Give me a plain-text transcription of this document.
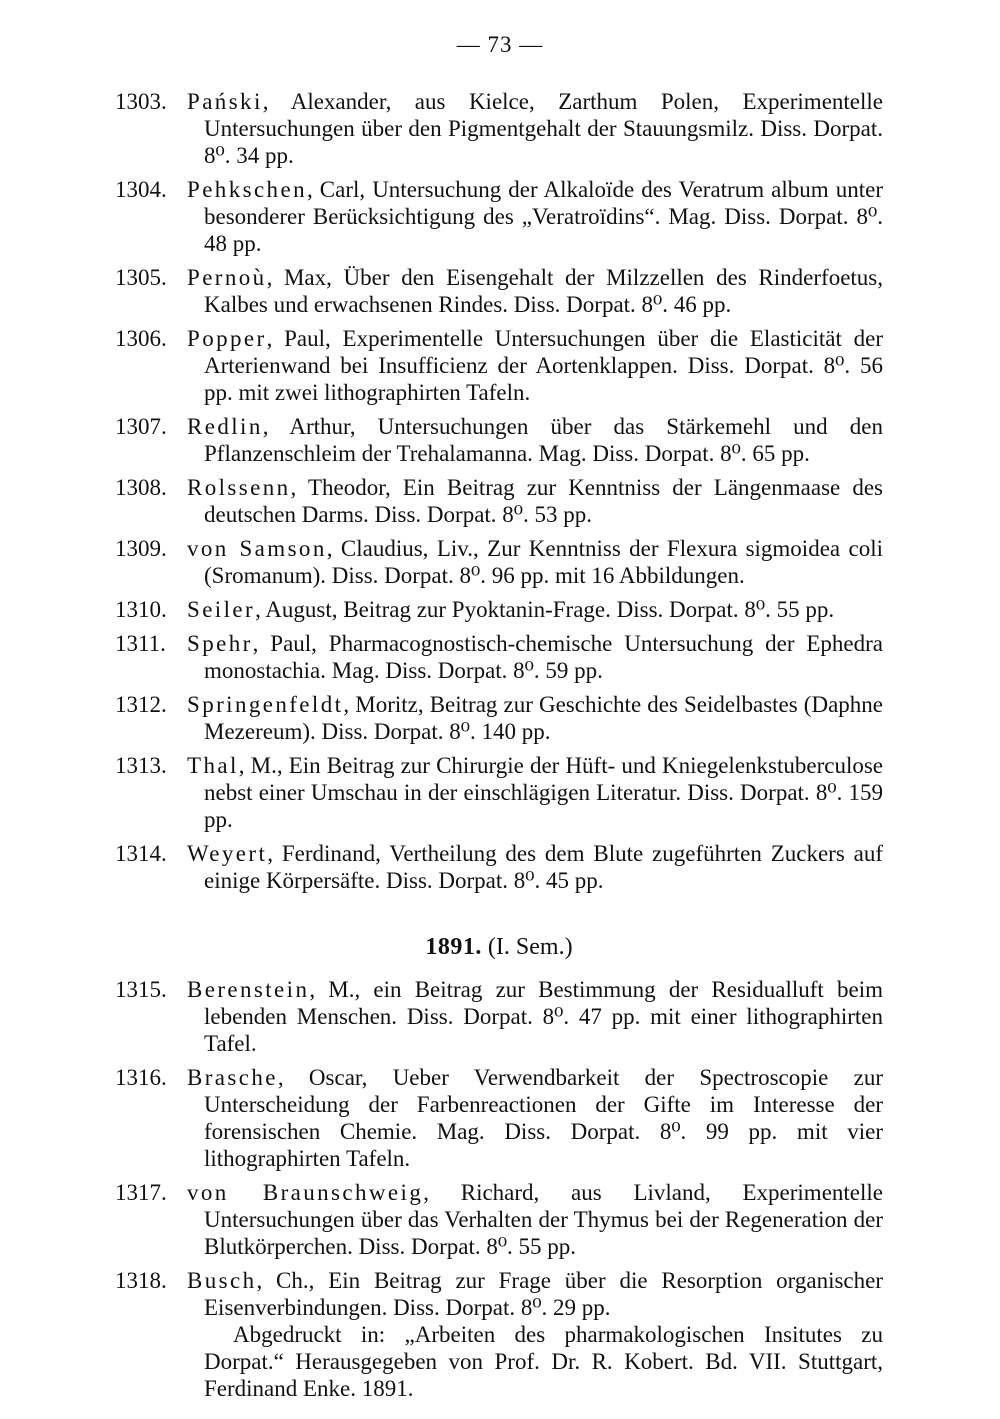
— 73 —
1303. Pański, Alexander, aus Kielce, Zarthum Polen, Experimentelle Untersuchungen über den Pigmentgehalt der Stauungsmilz. Diss. Dorpat. 8⁰. 34 pp.
1304. Pehkschen, Carl, Untersuchung der Alkaloïde des Veratrum album unter besonderer Berücksichtigung des „Veratroïdins“. Mag. Diss. Dorpat. 8⁰. 48 pp.
1305. Pernoù, Max, Über den Eisengehalt der Milzzellen des Rinderfoetus, Kalbes und erwachsenen Rindes. Diss. Dorpat. 8⁰. 46 pp.
1306. Popper, Paul, Experimentelle Untersuchungen über die Elasticität der Arterienwand bei Insufficienz der Aortenklappen. Diss. Dorpat. 8⁰. 56 pp. mit zwei lithographirten Tafeln.
1307. Redlin, Arthur, Untersuchungen über das Stärkemehl und den Pflanzenschleim der Trehalamanna. Mag. Diss. Dorpat. 8⁰. 65 pp.
1308. Rolssenn, Theodor, Ein Beitrag zur Kenntniss der Längenmaase des deutschen Darms. Diss. Dorpat. 8⁰. 53 pp.
1309. von Samson, Claudius, Liv., Zur Kenntniss der Flexura sigmoidea coli (Sromanum). Diss. Dorpat. 8⁰. 96 pp. mit 16 Abbildungen.
1310. Seiler, August, Beitrag zur Pyoktanin-Frage. Diss. Dorpat. 8⁰. 55 pp.
1311. Spehr, Paul, Pharmacognostisch-chemische Untersuchung der Ephedra monostachia. Mag. Diss. Dorpat. 8⁰. 59 pp.
1312. Springenfeldt, Moritz, Beitrag zur Geschichte des Seidelbastes (Daphne Mezereum). Diss. Dorpat. 8⁰. 140 pp.
1313. Thal, M., Ein Beitrag zur Chirurgie der Hüft- und Kniegelenkstuberculose nebst einer Umschau in der einschlägigen Literatur. Diss. Dorpat. 8⁰. 159 pp.
1314. Weyert, Ferdinand, Vertheilung des dem Blute zugeführten Zuckers auf einige Körpersäfte. Diss. Dorpat. 8⁰. 45 pp.
1891. (I. Sem.)
1315. Berenstein, M., ein Beitrag zur Bestimmung der Residualluft beim lebenden Menschen. Diss. Dorpat. 8⁰. 47 pp. mit einer lithographirten Tafel.
1316. Brasche, Oscar, Ueber Verwendbarkeit der Spectroscopie zur Unterscheidung der Farbenreactionen der Gifte im Interesse der forensischen Chemie. Mag. Diss. Dorpat. 8⁰. 99 pp. mit vier lithographirten Tafeln.
1317. von Braunschweig, Richard, aus Livland, Experimentelle Untersuchungen über das Verhalten der Thymus bei der Regeneration der Blutkörperchen. Diss. Dorpat. 8⁰. 55 pp.
1318. Busch, Ch., Ein Beitrag zur Frage über die Resorption organischer Eisenverbindungen. Diss. Dorpat. 8⁰. 29 pp.
Abgedruckt in: „Arbeiten des pharmakologischen Insitutes zu Dorpat.“ Herausgegeben von Prof. Dr. R. Kobert. Bd. VII. Stuttgart, Ferdinand Enke. 1891.
